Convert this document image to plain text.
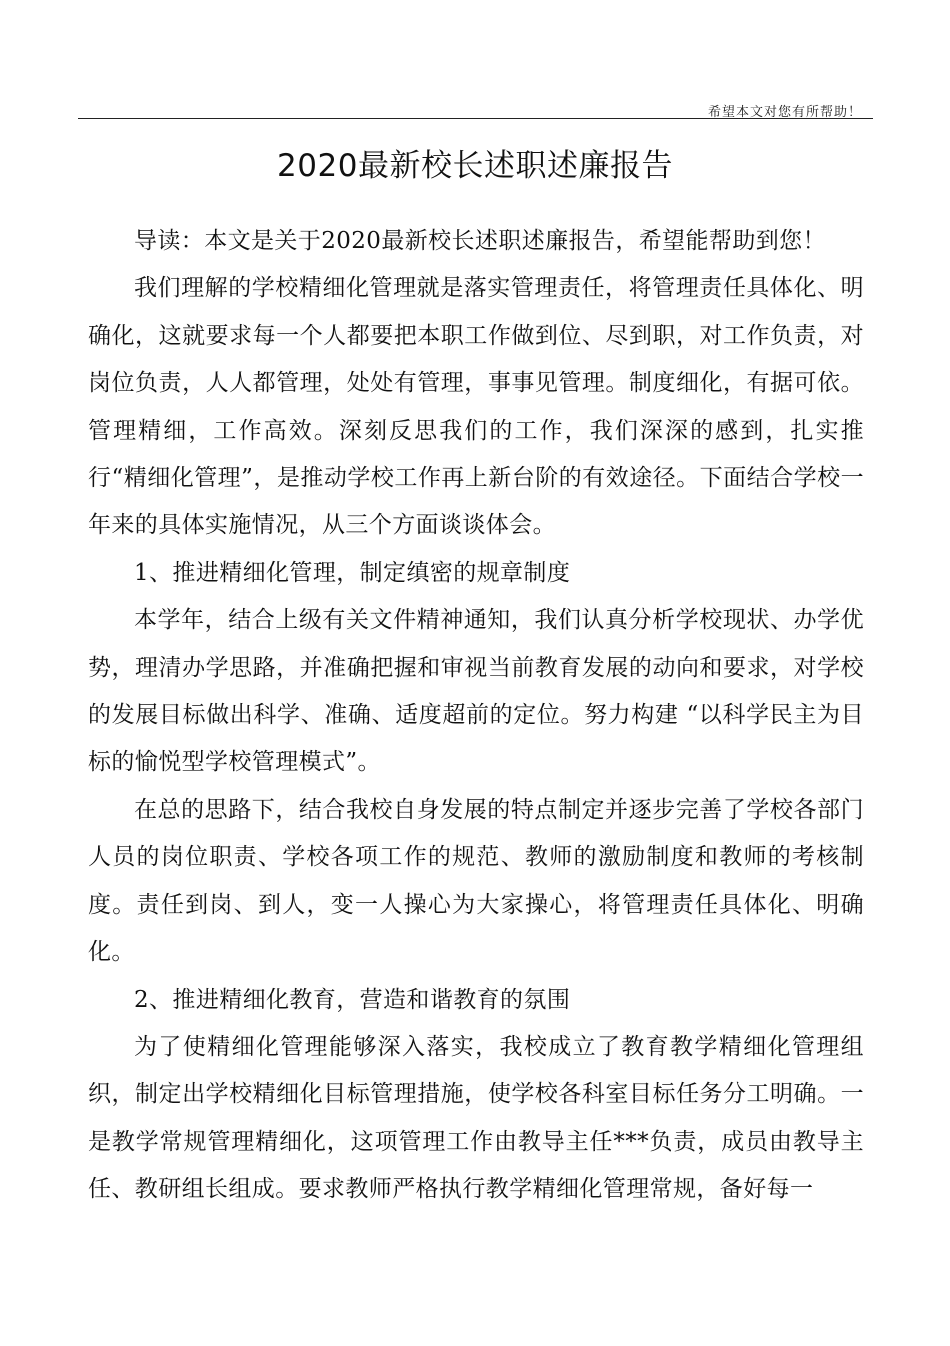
希望本文对您有所帮助！
2020最新校长述职述廉报告

导读：本文是关于2020最新校长述职述廉报告，希望能帮助到您！

我们理解的学校精细化管理就是落实管理责任，将管理责任具体化、明确化，这就要求每一个人都要把本职工作做到位、尽到职，对工作负责，对岗位负责，人人都管理，处处有管理，事事见管理。制度细化，有据可依。管理精细，工作高效。深刻反思我们的工作，我们深深的感到，扎实推行“精细化管理”，是推动学校工作再上新台阶的有效途径。下面结合学校一年来的具体实施情况，从三个方面谈谈体会。

1、推进精细化管理，制定缜密的规章制度

本学年，结合上级有关文件精神通知，我们认真分析学校现状、办学优势，理清办学思路，并准确把握和审视当前教育发展的动向和要求，对学校的发展目标做出科学、准确、适度超前的定位。努力构建 “以科学民主为目标的愉悦型学校管理模式”。

在总的思路下，结合我校自身发展的特点制定并逐步完善了学校各部门人员的岗位职责、学校各项工作的规范、教师的激励制度和教师的考核制度。责任到岗、到人，变一人操心为大家操心，将管理责任具体化、明确化。

2、推进精细化教育，营造和谐教育的氛围

为了使精细化管理能够深入落实，我校成立了教育教学精细化管理组织，制定出学校精细化目标管理措施，使学校各科室目标任务分工明确。一是教学常规管理精细化，这项管理工作由教导主任***负责，成员由教导主任、教研组长组成。要求教师严格执行教学精细化管理常规，备好每一
